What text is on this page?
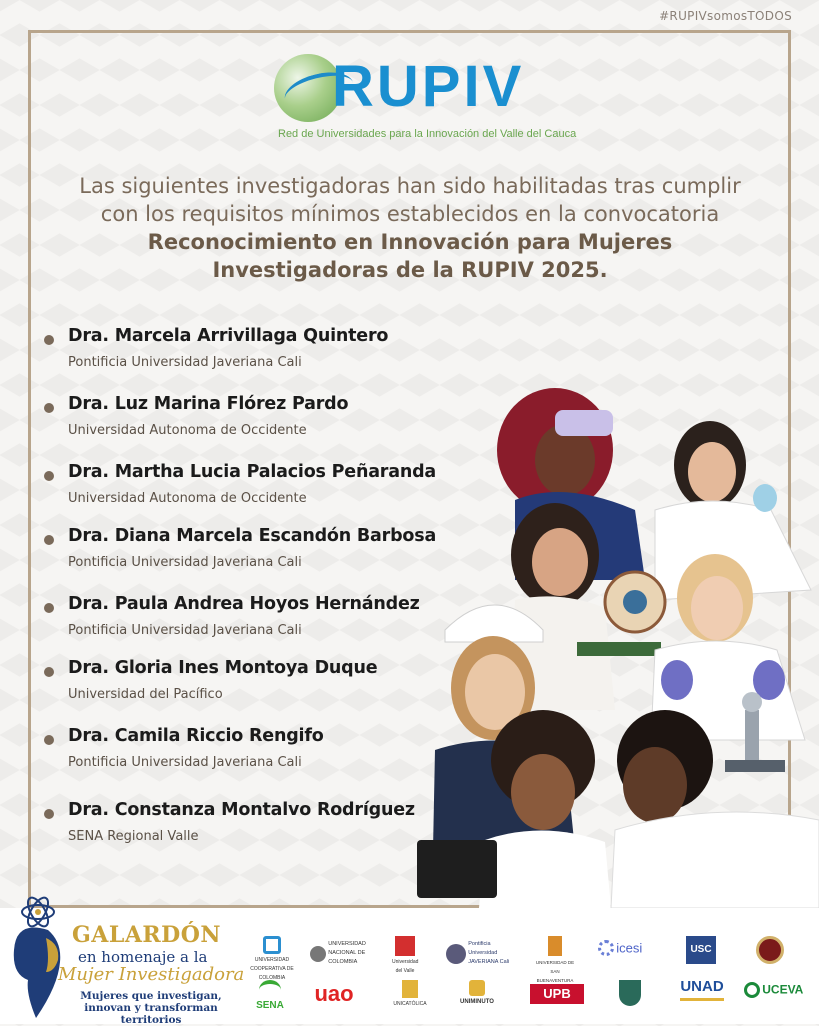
#RUPIVsomosTODOS
RUPIV
Red de Universidades para la Innovación del Valle del Cauca
Las siguientes investigadoras han sido habilitadas tras cumplir con los requisitos mínimos establecidos en la convocatoria Reconocimiento en Innovación para Mujeres Investigadoras de la RUPIV 2025.
Dra. Marcela Arrivillaga Quintero
Pontificia Universidad Javeriana Cali
Dra. Luz Marina Flórez Pardo
Universidad Autonoma de Occidente
Dra. Martha Lucia Palacios Peñaranda
Universidad Autonoma de Occidente
Dra. Diana Marcela Escandón Barbosa
Pontificia Universidad Javeriana Cali
Dra. Paula Andrea Hoyos Hernández
Pontificia Universidad Javeriana Cali
Dra. Gloria Ines Montoya Duque
Universidad del Pacífico
Dra. Camila Riccio Rengifo
Pontificia Universidad Javeriana Cali
Dra. Constanza Montalvo Rodríguez
SENA Regional Valle
GALARDÓN
en homenaje a la
Mujer Investigadora
Mujeres que investigan, innovan y transforman territorios
UNIVERSIDAD COOPERATIVA DE COLOMBIA
UNIVERSIDAD NACIONAL DE COLOMBIA	Universidad del Valle
Pontificia Universidad JAVERIANA Cali	UNIVERSIDAD DE SAN BUENAVENTURA
icesi	USC
SENA	uao	UNICATÓLICA	UNIMINUTO
UPB	UNAD	UCEVA
